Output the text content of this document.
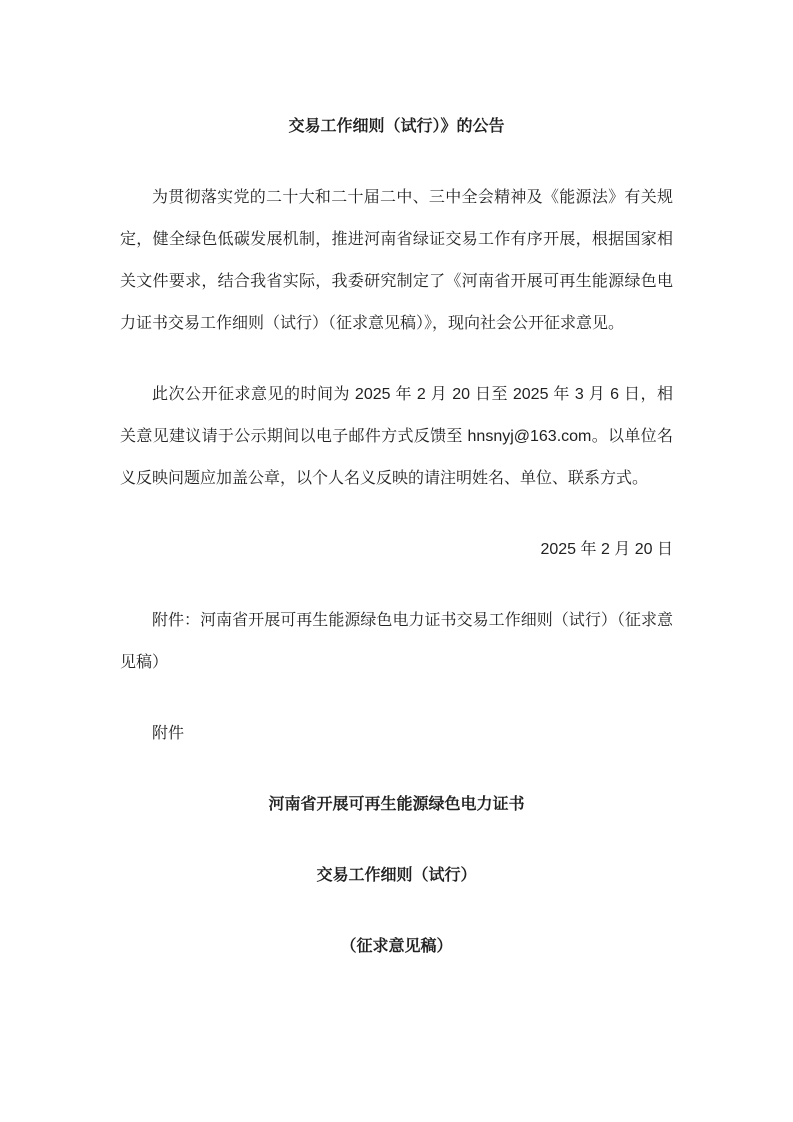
交易工作细则（试行）》的公告

为贯彻落实党的二十大和二十届二中、三中全会精神及《能源法》有关规定，健全绿色低碳发展机制，推进河南省绿证交易工作有序开展，根据国家相关文件要求，结合我省实际，我委研究制定了《河南省开展可再生能源绿色电力证书交易工作细则（试行）（征求意见稿）》，现向社会公开征求意见。

此次公开征求意见的时间为 2025 年 2 月 20 日至 2025 年 3 月 6 日，相关意见建议请于公示期间以电子邮件方式反馈至 hnsnyj@163.com。以单位名义反映问题应加盖公章，以个人名义反映的请注明姓名、单位、联系方式。

2025 年 2 月 20 日

附件：河南省开展可再生能源绿色电力证书交易工作细则（试行）（征求意见稿）

附件

河南省开展可再生能源绿色电力证书

交易工作细则（试行）

（征求意见稿）
